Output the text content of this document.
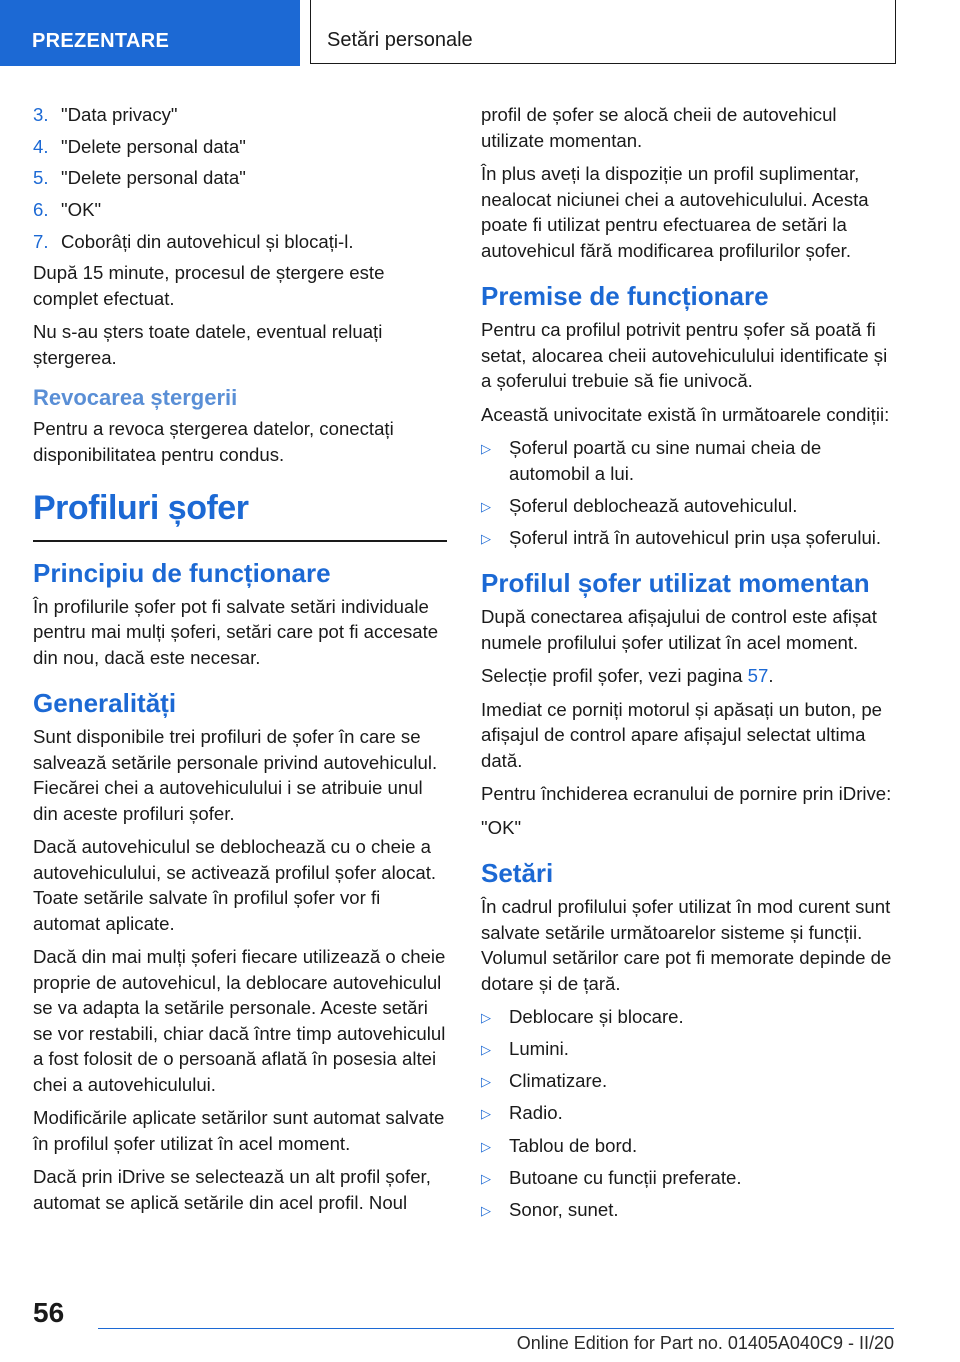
PREZENTARE	Setări personale
3. "Data privacy"
4. "Delete personal data"
5. "Delete personal data"
6. "OK"
7. Coborâți din autovehicul și blocați-l.

După 15 minute, procesul de ștergere este complet efectuat.

Nu s-au șters toate datele, eventual reluați ștergerea.

Revocarea ștergerii

Pentru a revoca ștergerea datelor, conectați disponibilitatea pentru condus.

Profiluri șofer
Principiu de funcționare

În profilurile șofer pot fi salvate setări individuale pentru mai mulți șoferi, setări care pot fi accesate din nou, dacă este necesar.

Generalități

Sunt disponibile trei profiluri de șofer în care se salvează setările personale privind autovehiculul. Fiecărei chei a autovehiculului i se atribuie unul din aceste profiluri șofer.

Dacă autovehiculul se deblochează cu o cheie a autovehiculului, se activează profilul șofer alocat. Toate setările salvate în profilul șofer vor fi automat aplicate.

Dacă din mai mulți șoferi fiecare utilizează o cheie proprie de autovehicul, la deblocare autovehiculul se va adapta la setările personale. Aceste setări se vor restabili, chiar dacă între timp autovehiculul a fost folosit de o persoană aflată în posesia altei chei a autovehiculului.

Modificările aplicate setărilor sunt automat salvate în profilul șofer utilizat în acel moment.

Dacă prin iDrive se selectează un alt profil șofer, automat se aplică setările din acel profil. Noul

profil de șofer se alocă cheii de autovehicul utilizate momentan.

În plus aveți la dispoziție un profil suplimentar, nealocat niciunei chei a autovehiculului. Acesta poate fi utilizat pentru efectuarea de setări la autovehicul fără modificarea profilurilor șofer.

Premise de funcționare

Pentru ca profilul potrivit pentru șofer să poată fi setat, alocarea cheii autovehiculului identificate și a șoferului trebuie să fie univocă.

Această univocitate există în următoarele condiții:

▷ Șoferul poartă cu sine numai cheia de automobil a lui.
▷ Șoferul deblochează autovehiculul.
▷ Șoferul intră în autovehicul prin ușa șoferului.
Profilul șofer utilizat momentan

După conectarea afișajului de control este afișat numele profilului șofer utilizat în acel moment.

Selecție profil șofer, vezi pagina 57.

Imediat ce porniți motorul și apăsați un buton, pe afișajul de control apare afișajul selectat ultima dată.

Pentru închiderea ecranului de pornire prin iDrive:

"OK"

Setări

În cadrul profilului șofer utilizat în mod curent sunt salvate setările următoarelor sisteme și funcții. Volumul setărilor care pot fi memorate depinde de dotare și de țară.

▷ Deblocare și blocare.
▷ Lumini.
▷ Climatizare.
▷ Radio.
▷ Tablou de bord.
▷ Butoane cu funcții preferate.
▷ Sonor, sunet.
56
Online Edition for Part no. 01405A040C9 - II/20
